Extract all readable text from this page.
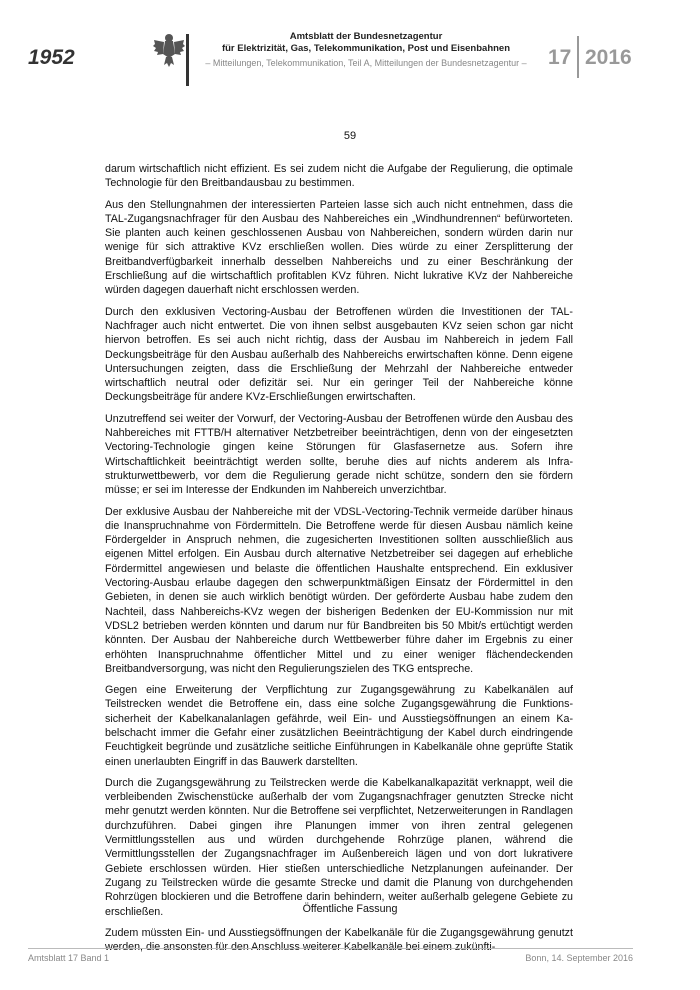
1952
Amtsblatt der Bundesnetzagentur
für Elektrizität, Gas, Telekommunikation, Post und Eisenbahnen
– Mitteilungen, Telekommunikation, Teil A, Mitteilungen der Bundesnetzagentur –	17 2016
59

darum wirtschaftlich nicht effizient. Es sei zudem nicht die Aufgabe der Regulierung, die optimale Technologie für den Breitbandausbau zu bestimmen.

Aus den Stellungnahmen der interessierten Parteien lasse sich auch nicht entnehmen, dass die TAL-Zugangsnachfrager für den Ausbau des Nahbereiches ein „Windhundrennen“ befürworteten. Sie planten auch keinen geschlossenen Ausbau von Nahbereichen, sondern würden darin nur wenige für sich attraktive KVz erschließen wollen. Dies würde zu einer Zersplitterung der Breitbandverfügbarkeit innerhalb desselben Nahbereichs und zu einer Beschränkung der Erschließung auf die wirtschaftlich profitablen KVz führen. Nicht lukrative KVz der Nahbereiche würden dagegen dauerhaft nicht erschlossen werden.

Durch den exklusiven Vectoring-Ausbau der Betroffenen würden die Investitionen der TAL-Nachfrager auch nicht entwertet. Die von ihnen selbst ausgebauten KVz seien schon gar nicht hiervon betroffen. Es sei auch nicht richtig, dass der Ausbau im Nahbereich in jedem Fall Deckungsbeiträge für den Ausbau außerhalb des Nahbereichs erwirtschaften könne. Denn eigene Untersuchungen zeigten, dass die Erschließung der Mehrzahl der Nahbereiche entweder wirtschaftlich neutral oder defizitär sei. Nur ein geringer Teil der Nahbereiche könne Deckungsbeiträge für andere KVz-Erschließungen erwirtschaften.

Unzutreffend sei weiter der Vorwurf, der Vectoring-Ausbau der Betroffenen würde den Ausbau des Nahbereiches mit FTTB/H alternativer Netzbetreiber beeinträchtigen, denn von der eingesetzten Vectoring-Technologie gingen keine Störungen für Glasfasernetze aus. Sofern ihre Wirtschaftlichkeit beeinträchtigt werden sollte, beruhe dies auf nichts anderem als Infrastrukturwettbewerb, vor dem die Regulierung gerade nicht schütze, sondern den sie fördern müsse; er sei im Interesse der Endkunden im Nahbereich unverzichtbar.

Der exklusive Ausbau der Nahbereiche mit der VDSL-Vectoring-Technik vermeide darüber hinaus die Inanspruchnahme von Fördermitteln. Die Betroffene werde für diesen Ausbau nämlich keine Fördergelder in Anspruch nehmen, die zugesicherten Investitionen sollten ausschließlich aus eigenen Mittel erfolgen. Ein Ausbau durch alternative Netzbetreiber sei dagegen auf erhebliche Fördermittel angewiesen und belaste die öffentlichen Haushalte entsprechend. Ein exklusiver Vectoring-Ausbau erlaube dagegen den schwerpunktmäßigen Einsatz der Fördermittel in den Gebieten, in denen sie auch wirklich benötigt würden. Der geförderte Ausbau habe zudem den Nachteil, dass Nahbereichs-KVz wegen der bisherigen Bedenken der EU-Kommission nur mit VDSL2 betrieben werden könnten und darum nur für Bandbreiten bis 50 Mbit/s ertüchtigt werden könnten. Der Ausbau der Nahbereiche durch Wettbewerber führe daher im Ergebnis zu einer erhöhten Inanspruchnahme öffentlicher Mittel und zu einer weniger flächendeckenden Breitbandversorgung, was nicht den Regulierungszielen des TKG entspreche.

Gegen eine Erweiterung der Verpflichtung zur Zugangsgewährung zu Kabelkanälen auf Teilstrecken wendet die Betroffene ein, dass eine solche Zugangsgewährung die Funktionssicherheit der Kabelkanalanlagen gefährde, weil Ein- und Ausstiegsöffnungen an einem Kabelschacht immer die Gefahr einer zusätzlichen Beeinträchtigung der Kabel durch eindringende Feuchtigkeit begründe und zusätzliche seitliche Einführungen in Kabelkanäle ohne geprüfte Statik einen unerlaubten Eingriff in das Bauwerk darstellten.

Durch die Zugangsgewährung zu Teilstrecken werde die Kabelkanalkapazität verknappt, weil die verbleibenden Zwischenstücke außerhalb der vom Zugangsnachfrager genutzten Strecke nicht mehr genutzt werden könnten. Nur die Betroffene sei verpflichtet, Netzerweiterungen in Randlagen durchzuführen. Dabei gingen ihre Planungen immer von ihren zentral gelegenen Vermittlungsstellen aus und würden durchgehende Rohrzüge planen, während die Vermittlungsstellen der Zugangsnachfrager im Außenbereich lägen und von dort lukrativere Gebiete erschlossen würden. Hier stießen unterschiedliche Netzplanungen aufeinander. Der Zugang zu Teilstrecken würde die gesamte Strecke und damit die Planung von durchgehenden Rohrzügen blockieren und die Betroffene darin behindern, weiter außerhalb gelegene Gebiete zu erschließen.

Zudem müssten Ein- und Ausstiegsöffnungen der Kabelkanäle für die Zugangsgewährung genutzt

Öffentliche Fassung
Amtsblatt 17 Band 1	Bonn, 14. September 2016
